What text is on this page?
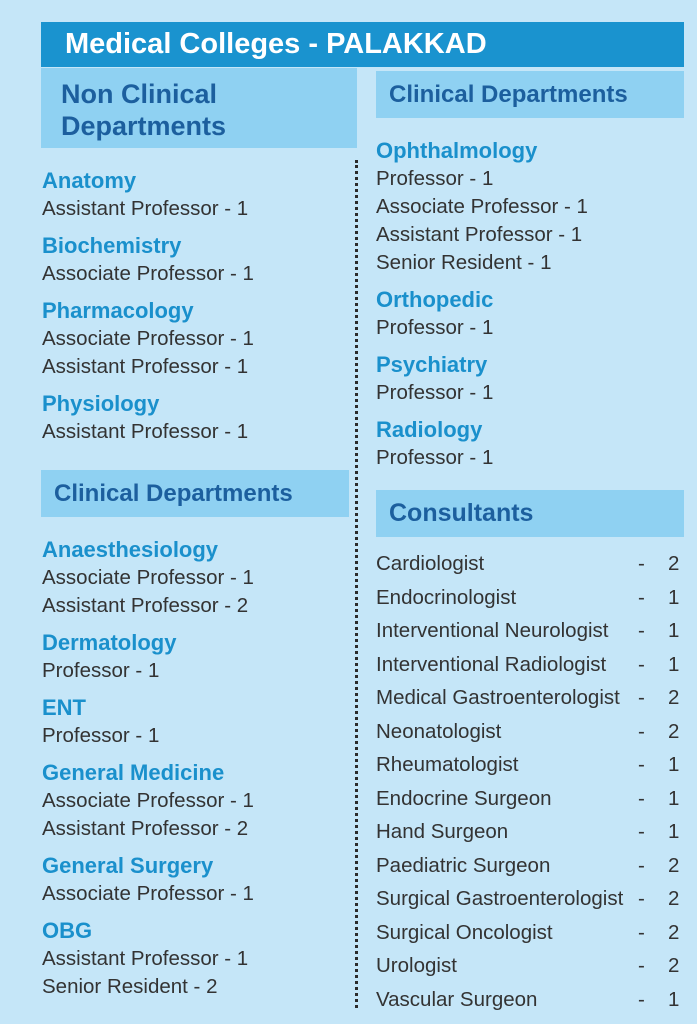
Medical Colleges - PALAKKAD
Non Clinical
Departments
Anatomy
Assistant Professor - 1
Biochemistry
Associate Professor - 1
Pharmacology
Associate Professor - 1
Assistant Professor - 1
Physiology
Assistant Professor - 1
Clinical Departments
Anaesthesiology
Associate Professor - 1
Assistant Professor - 2
Dermatology
Professor - 1
ENT
Professor - 1
General Medicine
Associate Professor - 1
Assistant Professor - 2
General Surgery
Associate Professor - 1
OBG
Assistant Professor - 1
Senior Resident - 2
Clinical Departments
Ophthalmology
Professor - 1
Associate Professor - 1
Assistant Professor - 1
Senior Resident - 1
Orthopedic
Professor - 1
Psychiatry
Professor - 1
Radiology
Professor - 1
Consultants
Cardiologist	- 2
Endocrinologist	- 1
Interventional Neurologist - 1
Interventional Radiologist - 1
Medical Gastroenterologist - 2
Neonatologist	- 2
Rheumatologist	- 1
Endocrine Surgeon	- 1
Hand Surgeon	- 1
Paediatric Surgeon	- 2
Surgical Gastroenterologist - 2
Surgical Oncologist	- 2
Urologist	- 2
Vascular Surgeon	- 1
